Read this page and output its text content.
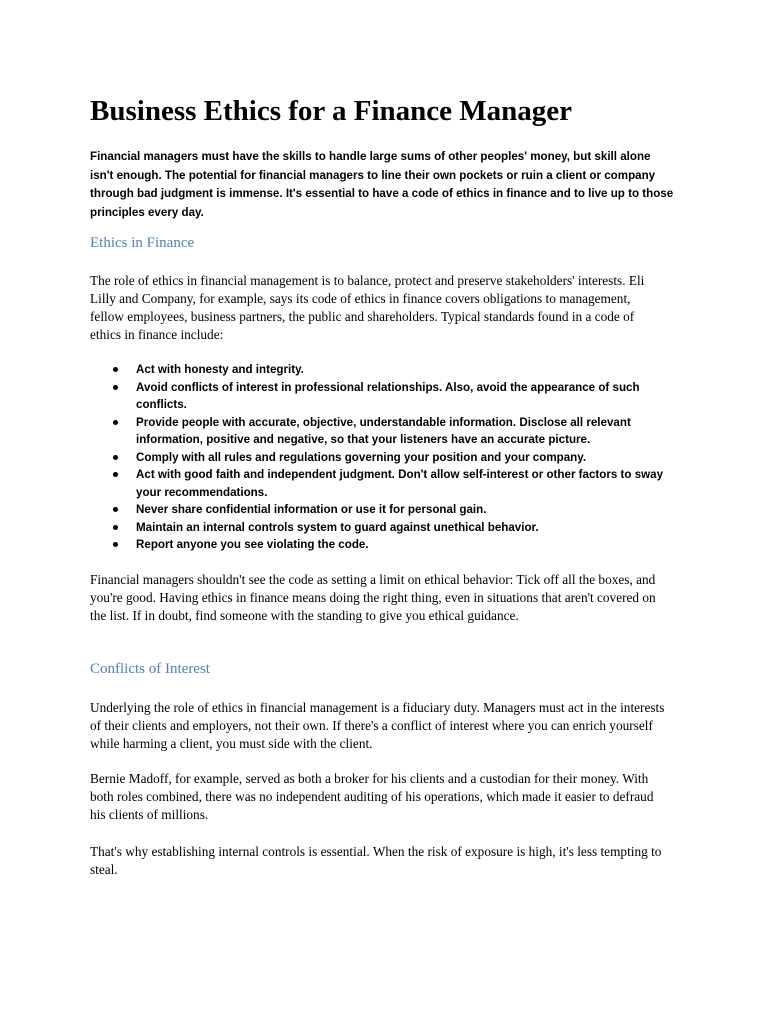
Business Ethics for a Finance Manager

Financial managers must have the skills to handle large sums of other peoples' money, but skill alone isn't enough. The potential for financial managers to line their own pockets or ruin a client or company through bad judgment is immense. It's essential to have a code of ethics in finance and to live up to those principles every day.

Ethics in Finance

The role of ethics in financial management is to balance, protect and preserve stakeholders' interests. Eli Lilly and Company, for example, says its code of ethics in finance covers obligations to management, fellow employees, business partners, the public and shareholders. Typical standards found in a code of ethics in finance include:

Act with honesty and integrity.
Avoid conflicts of interest in professional relationships. Also, avoid the appearance of such conflicts.
Provide people with accurate, objective, understandable information. Disclose all relevant information, positive and negative, so that your listeners have an accurate picture.
Comply with all rules and regulations governing your position and your company.
Act with good faith and independent judgment. Don't allow self-interest or other factors to sway your recommendations.
Never share confidential information or use it for personal gain.
Maintain an internal controls system to guard against unethical behavior.
Report anyone you see violating the code.

Financial managers shouldn't see the code as setting a limit on ethical behavior: Tick off all the boxes, and you're good. Having ethics in finance means doing the right thing, even in situations that aren't covered on the list. If in doubt, find someone with the standing to give you ethical guidance.

Conflicts of Interest

Underlying the role of ethics in financial management is a fiduciary duty. Managers must act in the interests of their clients and employers, not their own. If there's a conflict of interest where you can enrich yourself while harming a client, you must side with the client.

Bernie Madoff, for example, served as both a broker for his clients and a custodian for their money. With both roles combined, there was no independent auditing of his operations, which made it easier to defraud his clients of millions.

That's why establishing internal controls is essential. When the risk of exposure is high, it's less tempting to steal.
